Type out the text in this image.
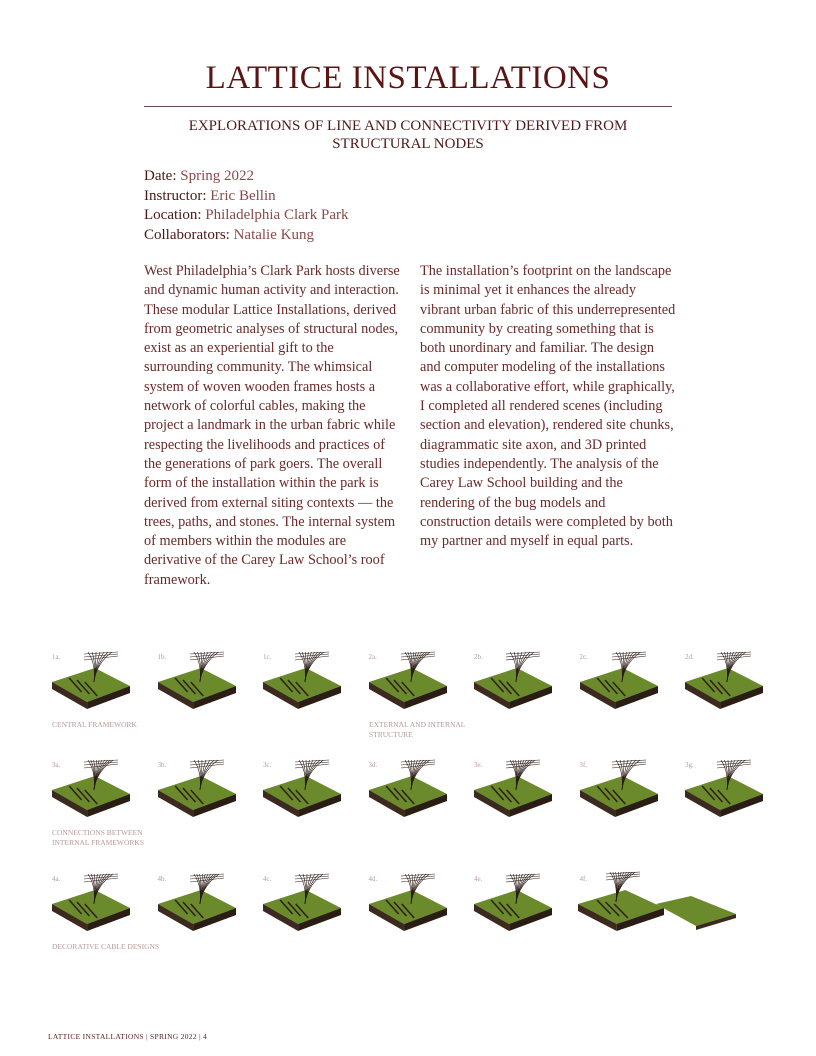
LATTICE INSTALLATIONS
EXPLORATIONS OF LINE AND CONNECTIVITY DERIVED FROM STRUCTURAL NODES
Date: Spring 2022
Instructor: Eric Bellin
Location: Philadelphia Clark Park
Collaborators: Natalie Kung
West Philadelphia’s Clark Park hosts diverse and dynamic human activity and interaction. These modular Lattice Installations, derived from geometric analyses of structural nodes, exist as an experiential gift to the surrounding community. The whimsical system of woven wooden frames hosts a network of colorful cables, making the project a landmark in the urban fabric while respecting the livelihoods and practices of the generations of park goers. The overall form of the installation within the park is derived from external siting contexts — the trees, paths, and stones. The internal system of members within the modules are derivative of the Carey Law School’s roof framework.
The installation’s footprint on the landscape is minimal yet it enhances the already vibrant urban fabric of this underrepresented community by creating something that is both unordinary and familiar. The design and computer modeling of the installations was a collaborative effort, while graphically, I completed all rendered scenes (including section and elevation), rendered site chunks, diagrammatic site axon, and 3D printed studies independently. The analysis of the Carey Law School building and the rendering of the bug models and construction details were completed by both my partner and myself in equal parts.
CENTRAL FRAMEWORK	EXTERNAL AND INTERNAL STRUCTURE
CONNECTIONS BETWEEN INTERNAL FRAMEWORKS
DECORATIVE CABLE DESIGNS
1a.	1b.	1c.	2a.	2b.	2c.	2d.
3a.	3b.	3c.	3d.	3e.	3f.	3g.
4a.	4b.	4c.	4d.	4e.	4f.
LATTICE INSTALLATIONS | SPRING 2022 | 4
